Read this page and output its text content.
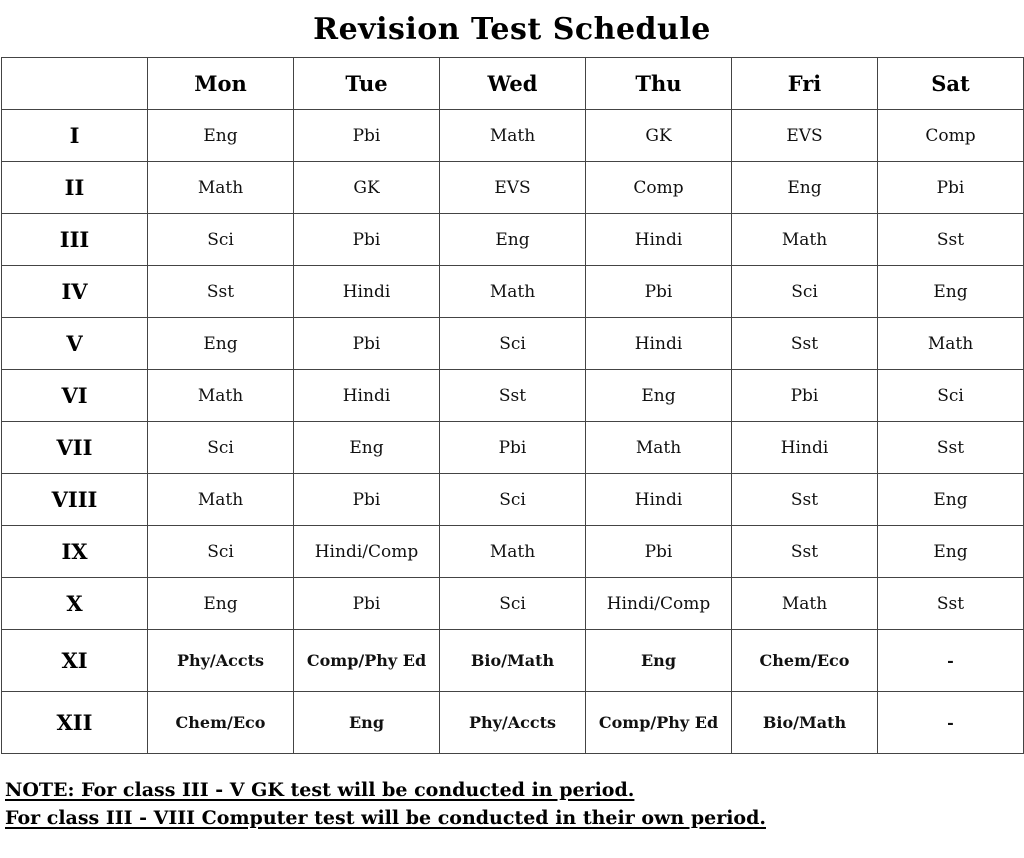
Revision Test Schedule
	Mon	Tue	Wed	Thu	Fri	Sat
I	Eng	Pbi	Math	GK	EVS	Comp
II	Math	GK	EVS	Comp	Eng	Pbi
III	Sci	Pbi	Eng	Hindi	Math	Sst
IV	Sst	Hindi	Math	Pbi	Sci	Eng
V	Eng	Pbi	Sci	Hindi	Sst	Math
VI	Math	Hindi	Sst	Eng	Pbi	Sci
VII	Sci	Eng	Pbi	Math	Hindi	Sst
VIII	Math	Pbi	Sci	Hindi	Sst	Eng
IX	Sci	Hindi/Comp	Math	Pbi	Sst	Eng
X	Eng	Pbi	Sci	Hindi/Comp	Math	Sst
XI	Phy/Accts	Comp/Phy Ed	Bio/Math	Eng	Chem/Eco	-
XII	Chem/Eco	Eng	Phy/Accts	Comp/Phy Ed	Bio/Math	-
NOTE: For class III - V GK test will be conducted in period.
For class III - VIII Computer test will be conducted in their own period.
